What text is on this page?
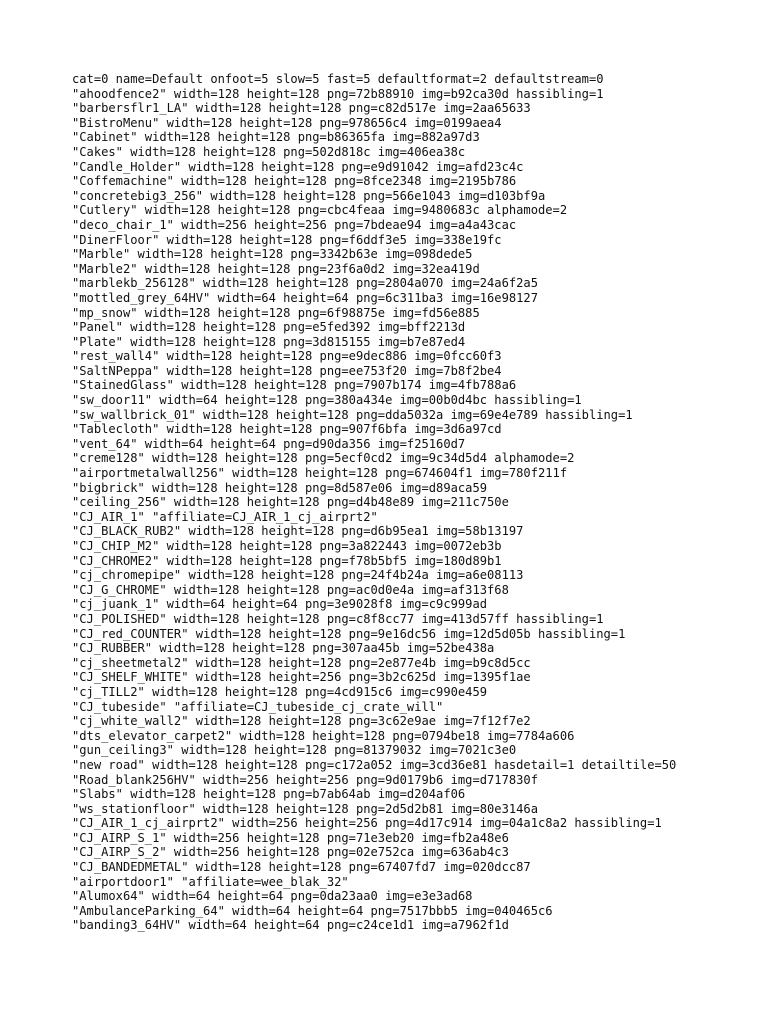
cat=0 name=Default onfoot=5 slow=5 fast=5 defaultformat=2 defaultstream=0
"ahoodfence2" width=128 height=128 png=72b88910 img=b92ca30d hassibling=1
"barbersflr1_LA" width=128 height=128 png=c82d517e img=2aa65633
"BistroMenu" width=128 height=128 png=978656c4 img=0199aea4
"Cabinet" width=128 height=128 png=b86365fa img=882a97d3
"Cakes" width=128 height=128 png=502d818c img=406ea38c
"Candle_Holder" width=128 height=128 png=e9d91042 img=afd23c4c
"Coffemachine" width=128 height=128 png=8fce2348 img=2195b786
"concretebig3_256" width=128 height=128 png=566e1043 img=d103bf9a
"Cutlery" width=128 height=128 png=cbc4feaa img=9480683c alphamode=2
"deco_chair_1" width=256 height=256 png=7bdeae94 img=a4a43cac
"DinerFloor" width=128 height=128 png=f6ddf3e5 img=338e19fc
"Marble" width=128 height=128 png=3342b63e img=098dede5
"Marble2" width=128 height=128 png=23f6a0d2 img=32ea419d
"marblekb_256128" width=128 height=128 png=2804a070 img=24a6f2a5
"mottled_grey_64HV" width=64 height=64 png=6c311ba3 img=16e98127
"mp_snow" width=128 height=128 png=6f98875e img=fd56e885
"Panel" width=128 height=128 png=e5fed392 img=bff2213d
"Plate" width=128 height=128 png=3d815155 img=b7e87ed4
"rest_wall4" width=128 height=128 png=e9dec886 img=0fcc60f3
"SaltNPeppa" width=128 height=128 png=ee753f20 img=7b8f2be4
"StainedGlass" width=128 height=128 png=7907b174 img=4fb788a6
"sw_door11" width=64 height=128 png=380a434e img=00b0d4bc hassibling=1
"sw_wallbrick_01" width=128 height=128 png=dda5032a img=69e4e789 hassibling=1
"Tablecloth" width=128 height=128 png=907f6bfa img=3d6a97cd
"vent_64" width=64 height=64 png=d90da356 img=f25160d7
"creme128" width=128 height=128 png=5ecf0cd2 img=9c34d5d4 alphamode=2
"airportmetalwall256" width=128 height=128 png=674604f1 img=780f211f
"bigbrick" width=128 height=128 png=8d587e06 img=d89aca59
"ceiling_256" width=128 height=128 png=d4b48e89 img=211c750e
"CJ_AIR_1" "affiliate=CJ_AIR_1_cj_airprt2"
"CJ_BLACK_RUB2" width=128 height=128 png=d6b95ea1 img=58b13197
"CJ_CHIP_M2" width=128 height=128 png=3a822443 img=0072eb3b
"CJ_CHROME2" width=128 height=128 png=f78b5bf5 img=180d89b1
"cj_chromepipe" width=128 height=128 png=24f4b24a img=a6e08113
"CJ_G_CHROME" width=128 height=128 png=ac0d0e4a img=af313f68
"cj_juank_1" width=64 height=64 png=3e9028f8 img=c9c999ad
"CJ_POLISHED" width=128 height=128 png=c8f8cc77 img=413d57ff hassibling=1
"CJ_red_COUNTER" width=128 height=128 png=9e16dc56 img=12d5d05b hassibling=1
"CJ_RUBBER" width=128 height=128 png=307aa45b img=52be438a
"cj_sheetmetal2" width=128 height=128 png=2e877e4b img=b9c8d5cc
"CJ_SHELF_WHITE" width=128 height=256 png=3b2c625d img=1395f1ae
"cj_TILL2" width=128 height=128 png=4cd915c6 img=c990e459
"CJ_tubeside" "affiliate=CJ_tubeside_cj_crate_will"
"cj_white_wall2" width=128 height=128 png=3c62e9ae img=7f12f7e2
"dts_elevator_carpet2" width=128 height=128 png=0794be18 img=7784a606
"gun_ceiling3" width=128 height=128 png=81379032 img=7021c3e0
"new road" width=128 height=128 png=c172a052 img=3cd36e81 hasdetail=1 detailtile=50
"Road_blank256HV" width=256 height=256 png=9d0179b6 img=d717830f
"Slabs" width=128 height=128 png=b7ab64ab img=d204af06
"ws_stationfloor" width=128 height=128 png=2d5d2b81 img=80e3146a
"CJ_AIR_1_cj_airprt2" width=256 height=256 png=4d17c914 img=04a1c8a2 hassibling=1
"CJ_AIRP_S_1" width=256 height=128 png=71e3eb20 img=fb2a48e6
"CJ_AIRP_S_2" width=256 height=128 png=02e752ca img=636ab4c3
"CJ_BANDEDMETAL" width=128 height=128 png=67407fd7 img=020dcc87
"airportdoor1" "affiliate=wee_blak_32"
"Alumox64" width=64 height=64 png=0da23aa0 img=e3e3ad68
"AmbulanceParking_64" width=64 height=64 png=7517bbb5 img=040465c6
"banding3_64HV" width=64 height=64 png=c24ce1d1 img=a7962f1d
